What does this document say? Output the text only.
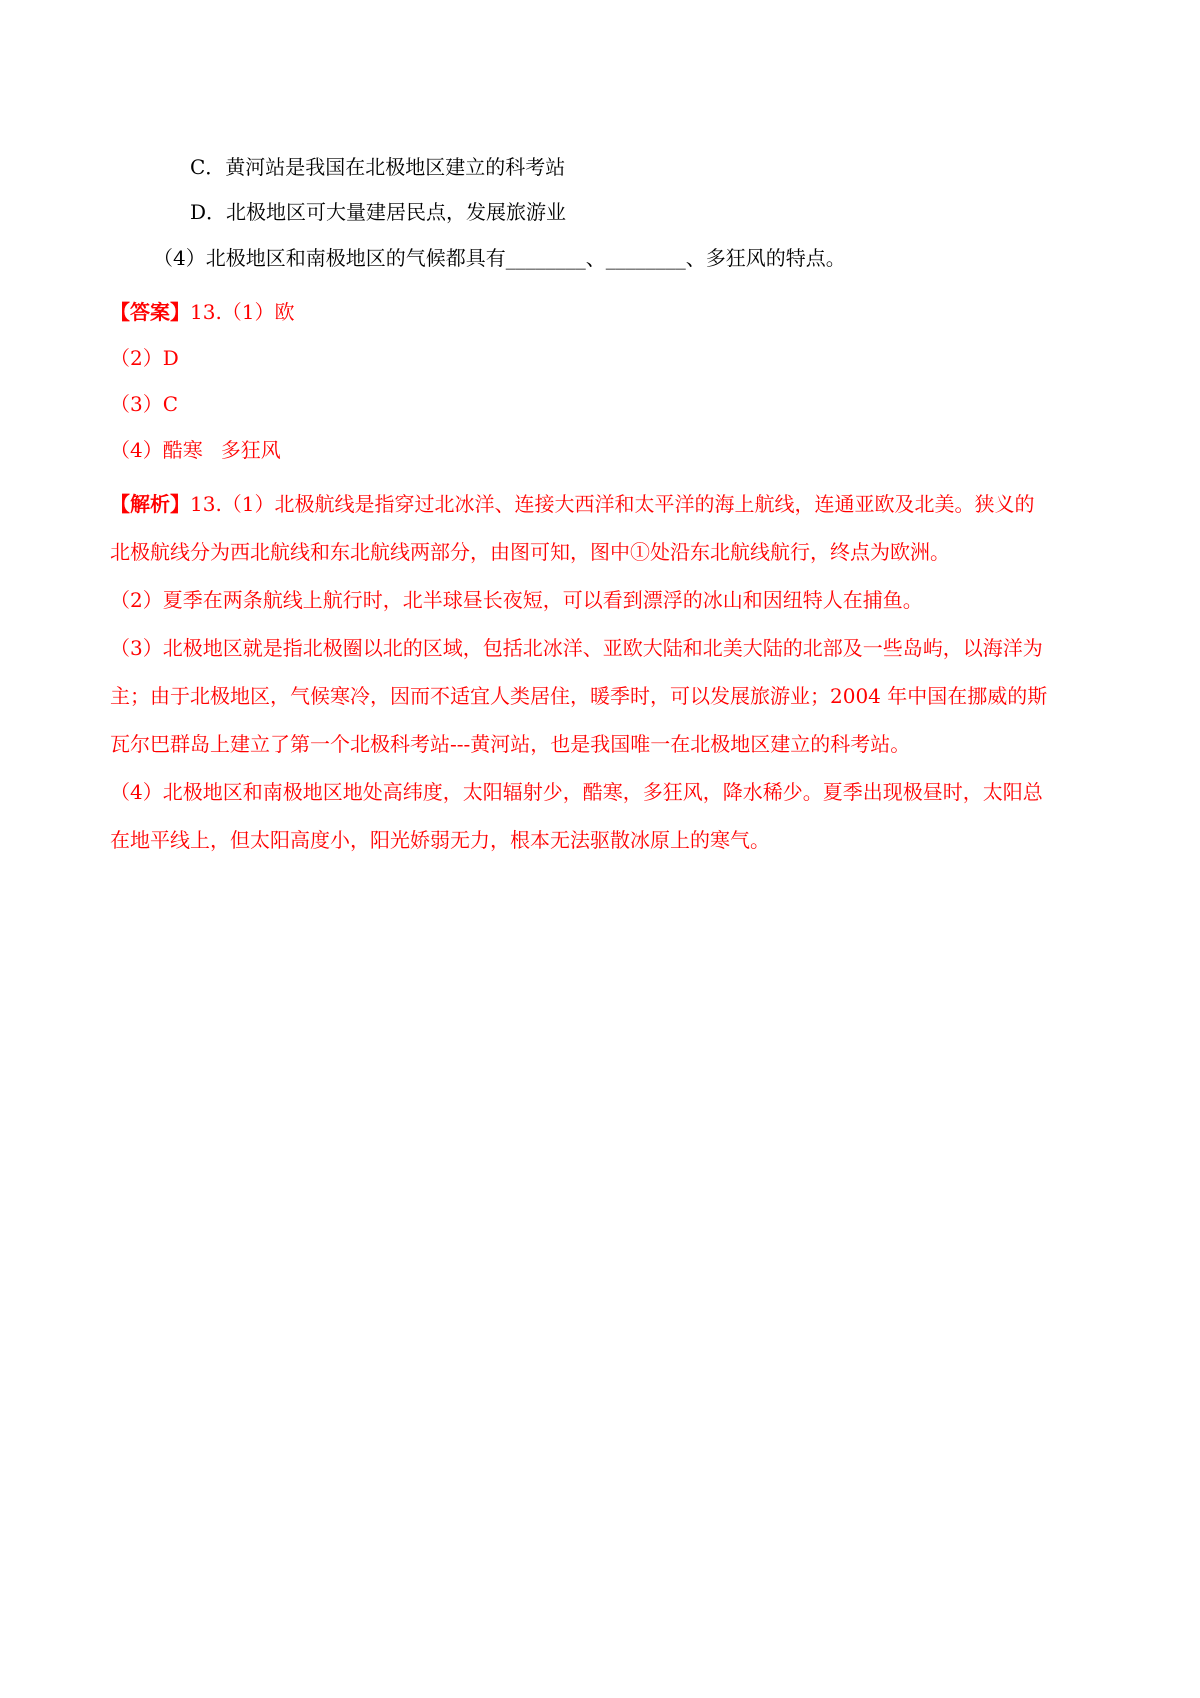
C．黄河站是我国在北极地区建立的科考站
D．北极地区可大量建居民点，发展旅游业
（4）北极地区和南极地区的气候都具有________、________、多狂风的特点。
【答案】13.（1）欧
（2）D
（3）C
（4）酷寒 多狂风
【解析】13.（1）北极航线是指穿过北冰洋、连接大西洋和太平洋的海上航线，连通亚欧及北美。狭义的
北极航线分为西北航线和东北航线两部分，由图可知，图中①处沿东北航线航行，终点为欧洲。
（2）夏季在两条航线上航行时，北半球昼长夜短，可以看到漂浮的冰山和因纽特人在捕鱼。
（3）北极地区就是指北极圈以北的区域，包括北冰洋、亚欧大陆和北美大陆的北部及一些岛屿，以海洋为
主；由于北极地区，气候寒冷，因而不适宜人类居住，暖季时，可以发展旅游业；2004 年中国在挪威的斯
瓦尔巴群岛上建立了第一个北极科考站---黄河站，也是我国唯一在北极地区建立的科考站。
（4）北极地区和南极地区地处高纬度，太阳辐射少，酷寒，多狂风，降水稀少。夏季出现极昼时，太阳总
在地平线上，但太阳高度小，阳光娇弱无力，根本无法驱散冰原上的寒气。
